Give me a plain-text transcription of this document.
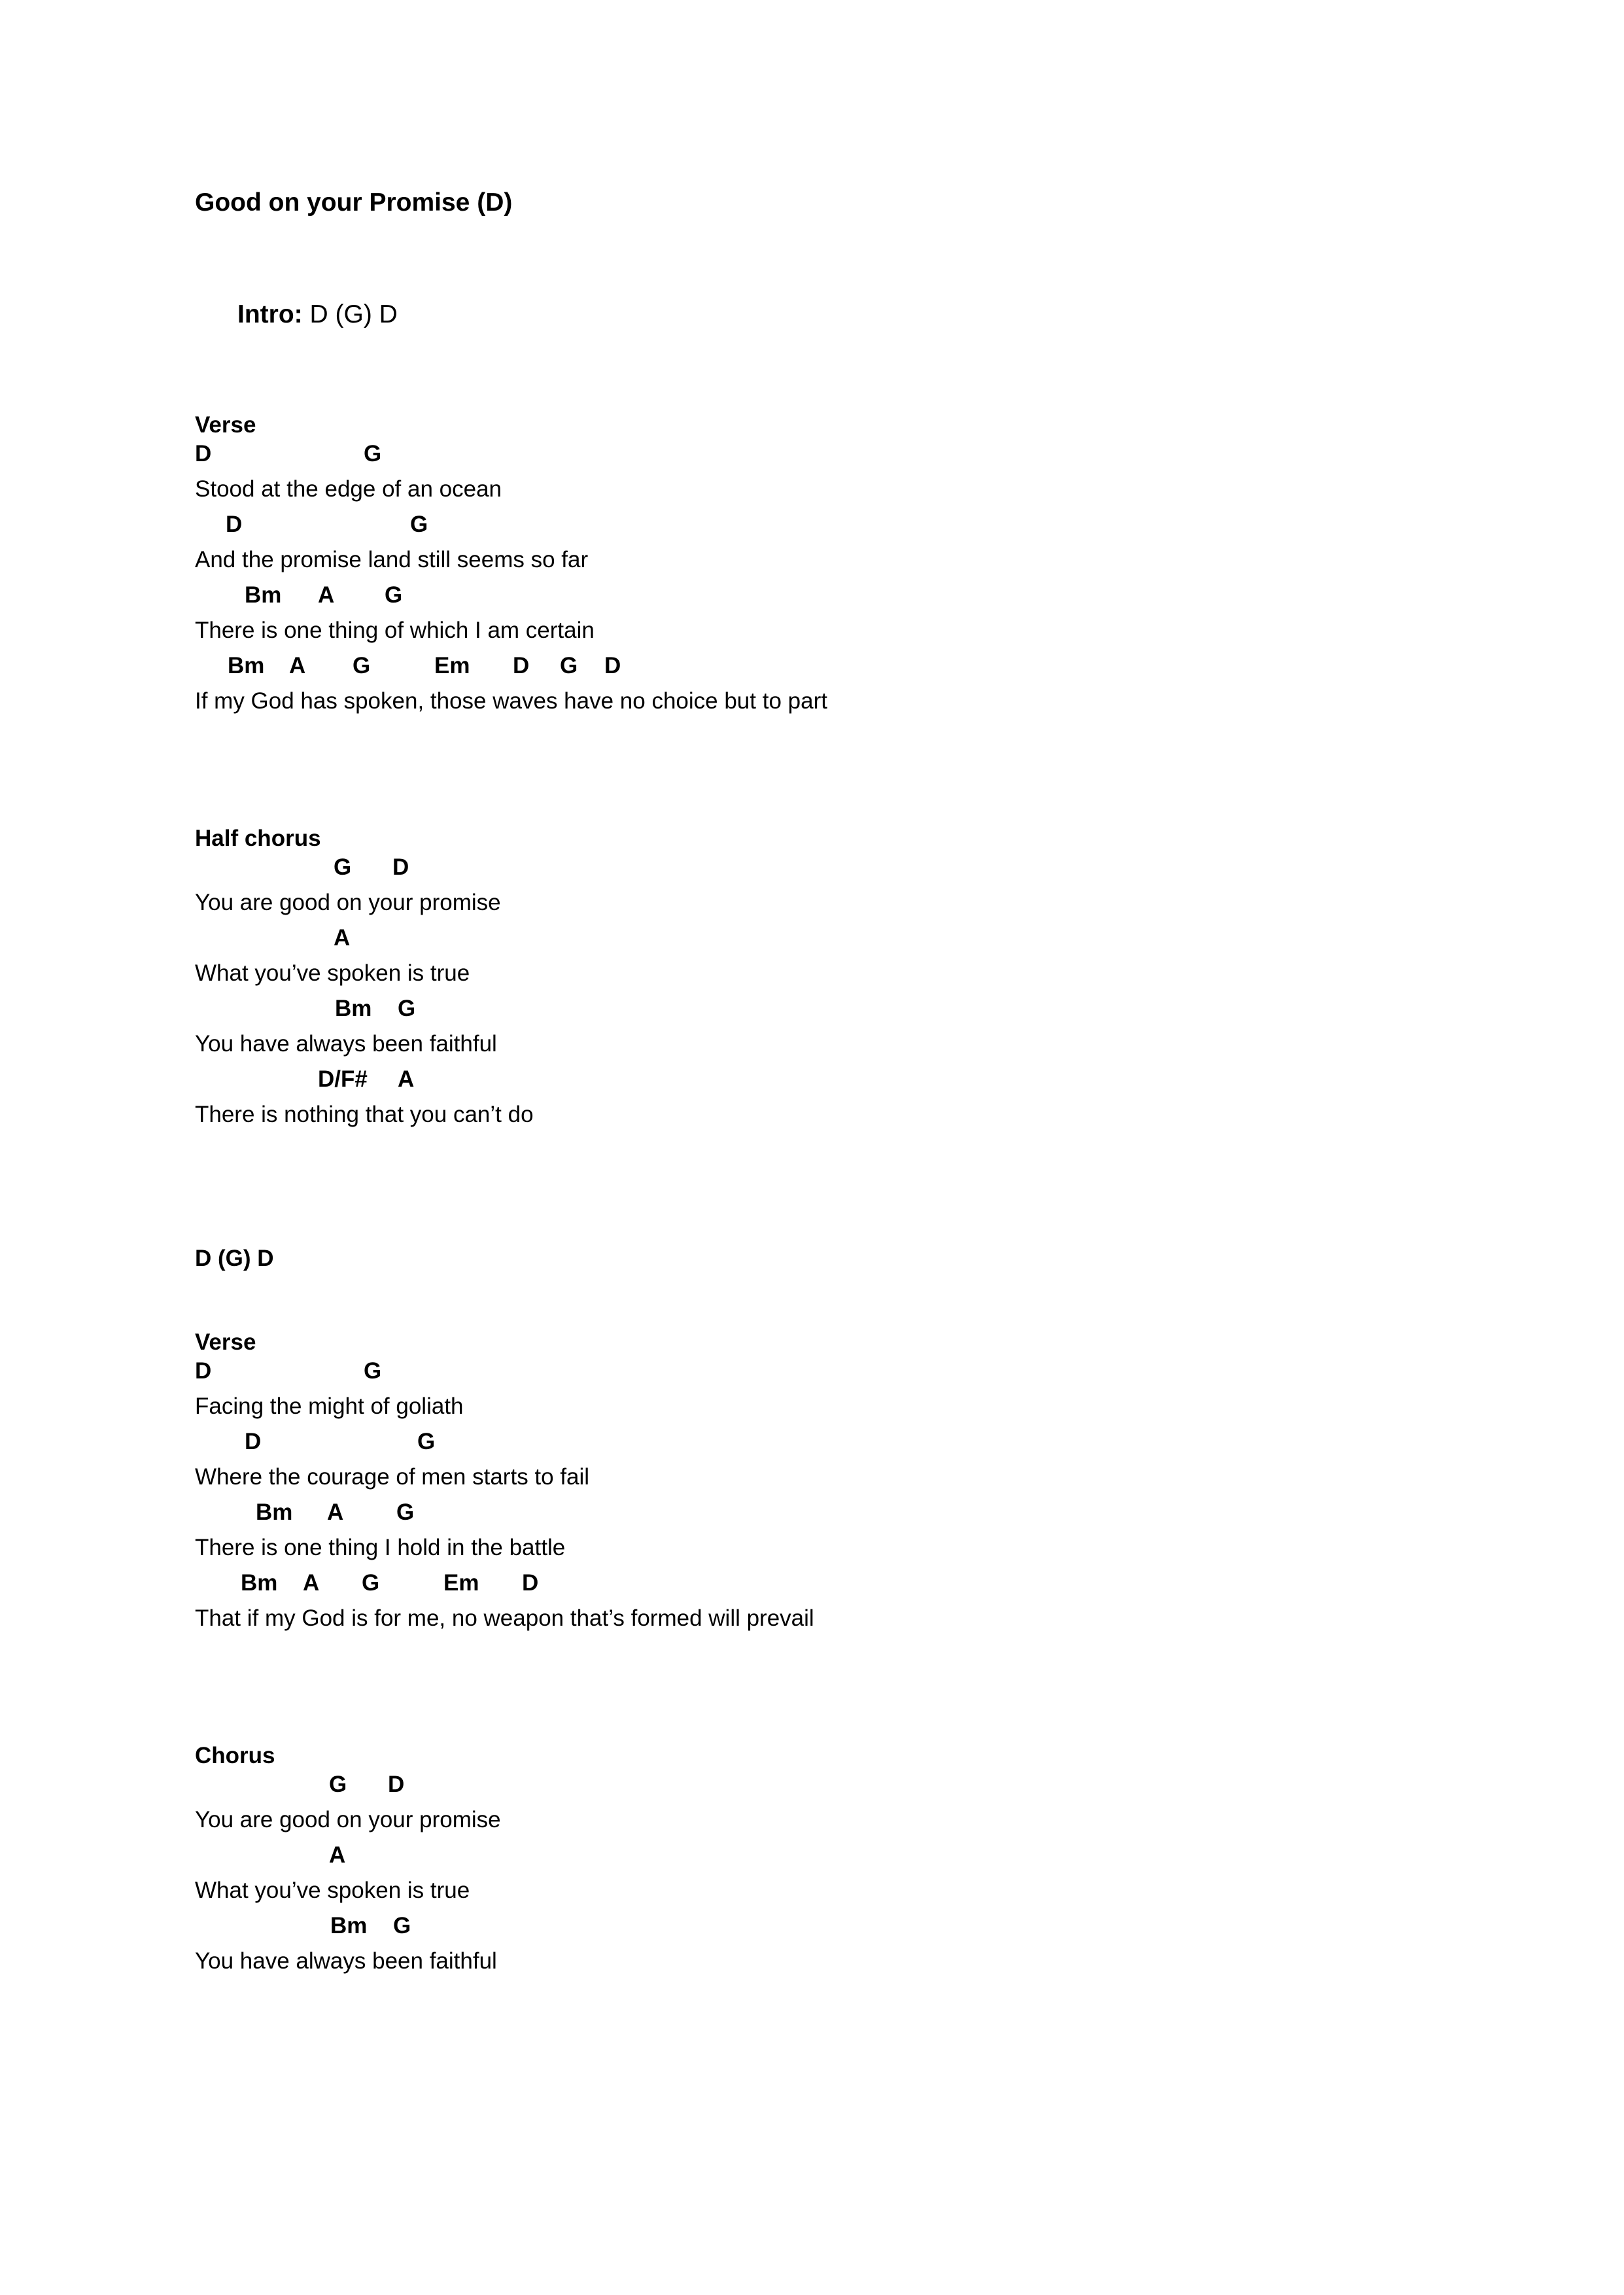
Good on your Promise (D)

Intro: D (G) D

Verse

D

	G

Stood at the edge of an ocean

D

	G

And the promise land still seems so far

Bm

A

G

There is one thing of which I am certain

Bm

A

G

	Em

D

G

D

If my God has spoken, those waves have no choice but to part
Half chorus

G

D

You are good on your promise

A

What you’ve spoken is true

Bm

G

You have always been faithful

D/F#

A

There is nothing that you can’t do
D (G) D
Verse

D

	G

Facing the might of goliath

D

	G

Where the courage of men starts to fail

Bm

A

G

There is one thing I hold in the battle

Bm

A

G

	Em

D

That if my God is for me, no weapon that’s formed will prevail
Chorus

G

D

You are good on your promise

A

What you’ve spoken is true

Bm

G

You have always been faithful
